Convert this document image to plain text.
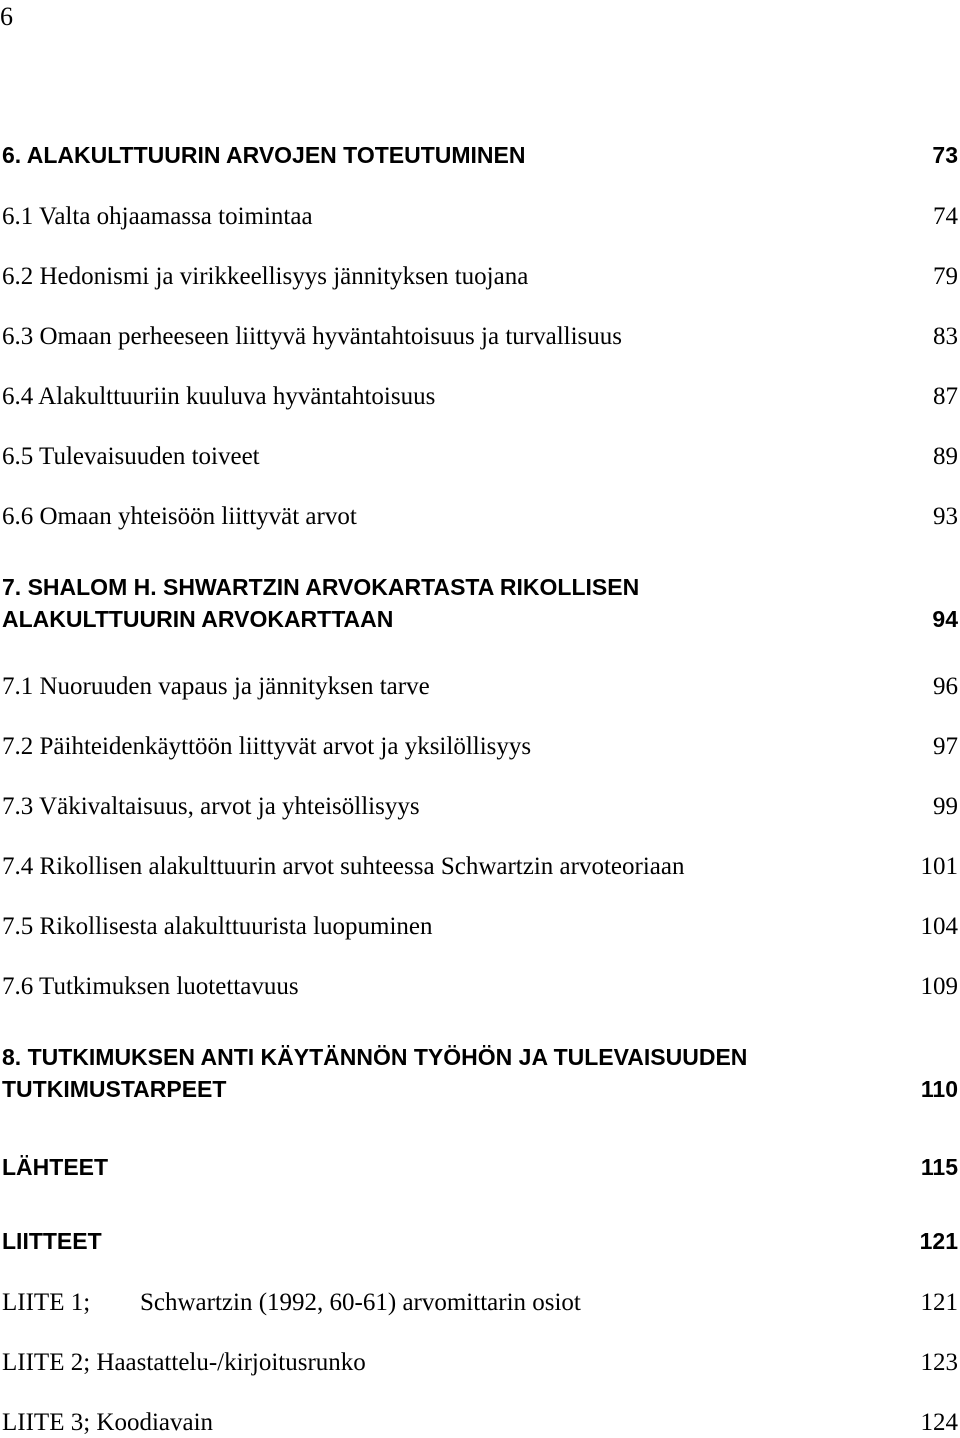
6
6. ALAKULTTUURIN ARVOJEN TOTEUTUMINEN	73
6.1 Valta ohjaamassa toimintaa	74
6.2 Hedonismi ja virikkeellisyys jännityksen tuojana	79
6.3 Omaan perheeseen liittyvä hyväntahtoisuus ja turvallisuus	83
6.4 Alakulttuuriin kuuluva hyväntahtoisuus	87
6.5 Tulevaisuuden toiveet	89
6.6 Omaan yhteisöön liittyvät arvot	93
7. SHALOM H. SHWARTZIN ARVOKARTASTA RIKOLLISEN
ALAKULTTUURIN ARVOKARTTAAN	94
7.1 Nuoruuden vapaus ja jännityksen tarve	96
7.2 Päihteidenkäyttöön liittyvät arvot ja yksilöllisyys	97
7.3 Väkivaltaisuus, arvot ja yhteisöllisyys	99
7.4 Rikollisen alakulttuurin arvot suhteessa Schwartzin arvoteoriaan	101
7.5 Rikollisesta alakulttuurista luopuminen	104
7.6 Tutkimuksen luotettavuus	109
8. TUTKIMUKSEN ANTI KÄYTÄNNÖN TYÖHÖN JA TULEVAISUUDEN
TUTKIMUSTARPEET	110
LÄHTEET	115
LIITTEET	121
LIITE 1; Schwartzin (1992, 60-61) arvomittarin osiot	121
LIITE 2; Haastattelu-/kirjoitusrunko	123
LIITE 3; Koodiavain	124
